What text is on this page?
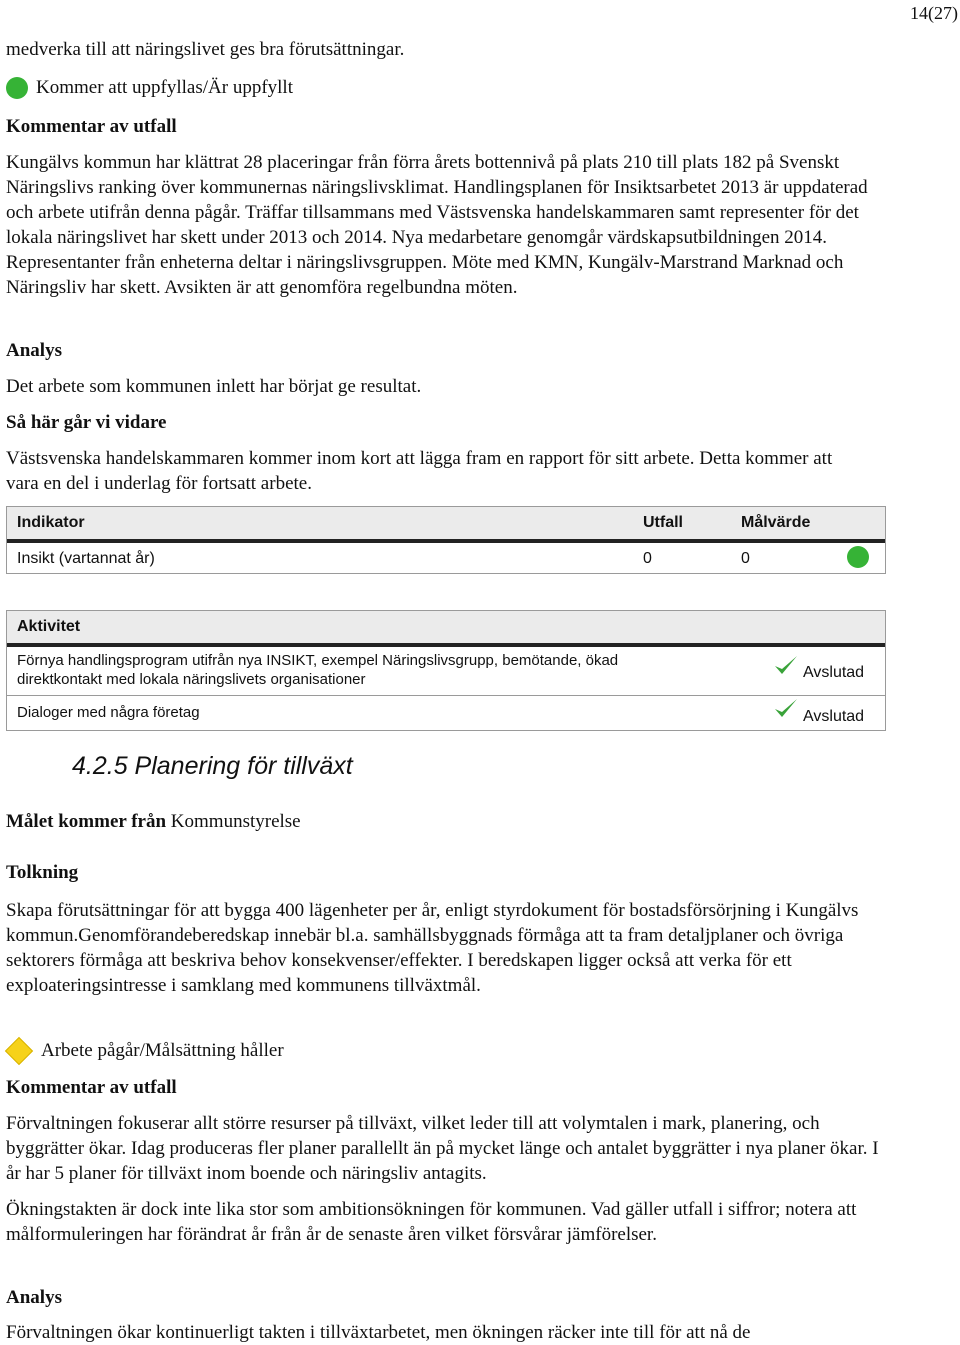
14(27)

medverka till att näringslivet ges bra förutsättningar.

Kommer att uppfyllas/Är uppfyllt
Kommentar av utfall

Kungälvs kommun har klättrat 28 placeringar från förra årets bottennivå på plats 210 till plats 182 på Svenskt Näringslivs ranking över kommunernas näringslivsklimat. Handlingsplanen för Insiktsarbetet 2013 är uppdaterad och arbete utifrån denna pågår. Träffar tillsammans med Västsvenska handelskammaren samt representer för det lokala näringslivet har skett under 2013 och 2014. Nya medarbetare genomgår värdskapsutbildningen 2014. Representanter från enheterna deltar i näringslivsgruppen. Möte med KMN, Kungälv-Marstrand Marknad och Näringsliv har skett. Avsikten är att genomföra regelbundna möten.

Analys

Det arbete som kommunen inlett har börjat ge resultat.

Så här går vi vidare

Västsvenska handelskammaren kommer inom kort att lägga fram en rapport för sitt arbete. Detta kommer att vara en del i underlag för fortsatt arbete.

Indikator	Utfall	Målvärde
Insikt (vartannat år)	0	0
Aktivitet
Förnya handlingsprogram utifrån nya INSIKT, exempel Näringslivsgrupp, bemötande, ökad
direktkontakt med lokala näringslivets organisationer	Avslutad
Dialoger med några företag	Avslutad
4.2.5 Planering för tillväxt
Målet kommer från Kommunstyrelse
Tolkning

Skapa förutsättningar för att bygga 400 lägenheter per år, enligt styrdokument för bostadsförsörjning i Kungälvs kommun.Genomförandeberedskap innebär bl.a. samhällsbyggnads förmåga att ta fram detaljplaner och övriga sektorers förmåga att beskriva behov konsekvenser/effekter. I beredskapen ligger också att verka för ett exploateringsintresse i samklang med kommunens tillväxtmål.

Arbete pågår/Målsättning håller
Kommentar av utfall

Förvaltningen fokuserar allt större resurser på tillväxt, vilket leder till att volymtalen i mark, planering, och byggrätter ökar. Idag produceras fler planer parallellt än på mycket länge och antalet byggrätter i nya planer ökar. I år har 5 planer för tillväxt inom boende och näringsliv antagits.

Ökningstakten är dock inte lika stor som ambitionsökningen för kommunen. Vad gäller utfall i siffror; notera att målformuleringen har förändrat år från år de senaste åren vilket försvårar jämförelser.

Analys

Förvaltningen ökar kontinuerligt takten i tillväxtarbetet, men ökningen räcker inte till för att nå de
